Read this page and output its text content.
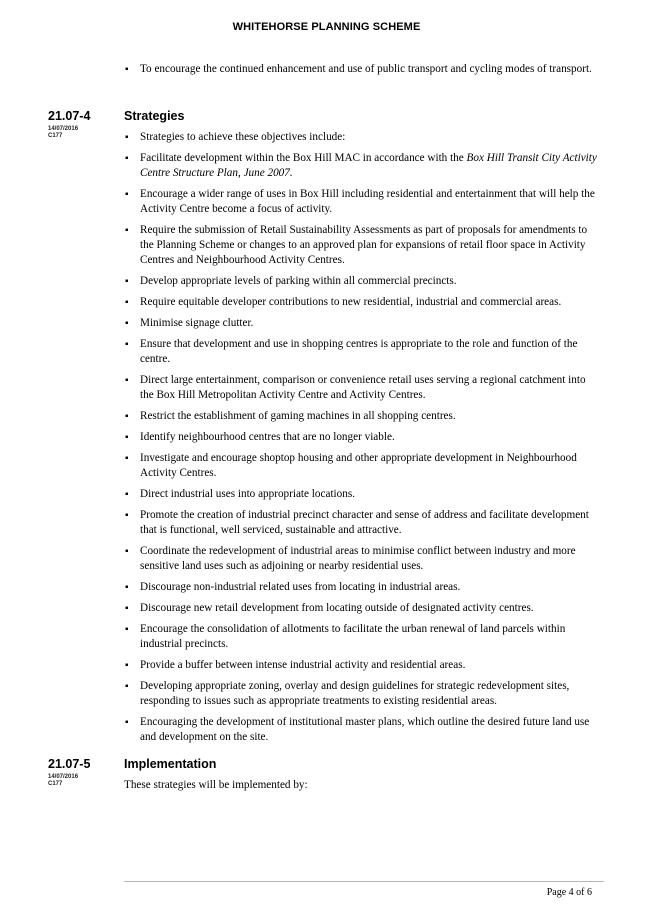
WHITEHORSE PLANNING SCHEME
▪ To encourage the continued enhancement and use of public transport and cycling modes of transport.
21.07-4
14/07/2016
C177
Strategies
▪ Strategies to achieve these objectives include:
▪ Facilitate development within the Box Hill MAC in accordance with the Box Hill Transit City Activity Centre Structure Plan, June 2007.
▪ Encourage a wider range of uses in Box Hill including residential and entertainment that will help the Activity Centre become a focus of activity.
▪ Require the submission of Retail Sustainability Assessments as part of proposals for amendments to the Planning Scheme or changes to an approved plan for expansions of retail floor space in Activity Centres and Neighbourhood Activity Centres.
▪ Develop appropriate levels of parking within all commercial precincts.
▪ Require equitable developer contributions to new residential, industrial and commercial areas.
▪ Minimise signage clutter.
▪ Ensure that development and use in shopping centres is appropriate to the role and function of the centre.
▪ Direct large entertainment, comparison or convenience retail uses serving a regional catchment into the Box Hill Metropolitan Activity Centre and Activity Centres.
▪ Restrict the establishment of gaming machines in all shopping centres.
▪ Identify neighbourhood centres that are no longer viable.
▪ Investigate and encourage shoptop housing and other appropriate development in Neighbourhood Activity Centres.
▪ Direct industrial uses into appropriate locations.
▪ Promote the creation of industrial precinct character and sense of address and facilitate development that is functional, well serviced, sustainable and attractive.
▪ Coordinate the redevelopment of industrial areas to minimise conflict between industry and more sensitive land uses such as adjoining or nearby residential uses.
▪ Discourage non-industrial related uses from locating in industrial areas.
▪ Discourage new retail development from locating outside of designated activity centres.
▪ Encourage the consolidation of allotments to facilitate the urban renewal of land parcels within industrial precincts.
▪ Provide a buffer between intense industrial activity and residential areas.
▪ Developing appropriate zoning, overlay and design guidelines for strategic redevelopment sites, responding to issues such as appropriate treatments to existing residential areas.
▪ Encouraging the development of institutional master plans, which outline the desired future land use and development on the site.
21.07-5
14/07/2016
C177
Implementation
These strategies will be implemented by:
Page 4 of 6
